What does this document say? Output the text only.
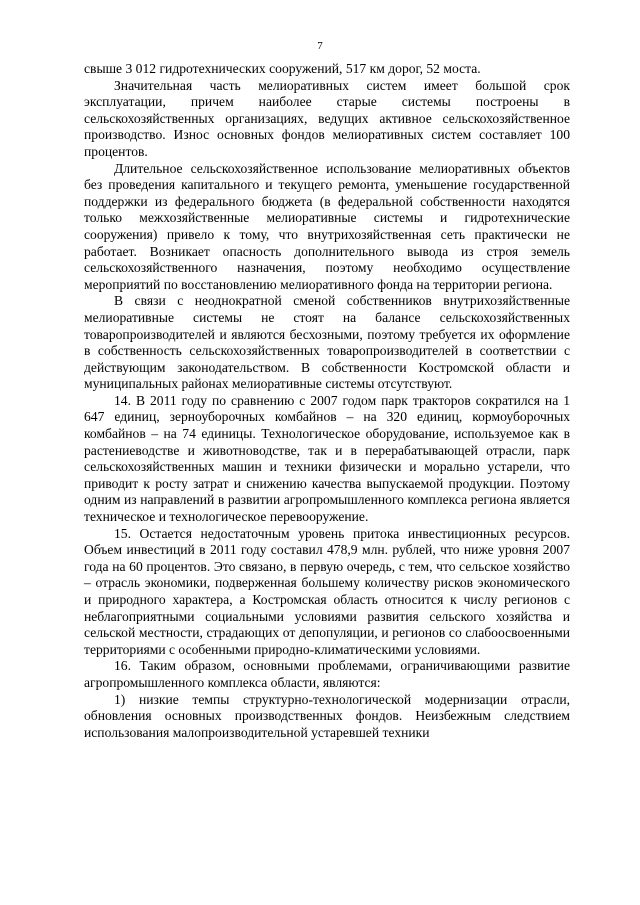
7

свыше 3 012 гидротехнических сооружений, 517 км дорог, 52 моста.

Значительная часть мелиоративных систем имеет большой срок эксплуатации, причем наиболее старые системы построены в сельскохозяйственных организациях, ведущих активное сельскохозяйственное производство. Износ основных фондов мелиоративных систем составляет 100 процентов.

Длительное сельскохозяйственное использование мелиоративных объектов без проведения капитального и текущего ремонта, уменьшение государственной поддержки из федерального бюджета (в федеральной собственности находятся только межхозяйственные мелиоративные системы и гидротехнические сооружения) привело к тому, что внутрихозяйственная сеть практически не работает. Возникает опасность дополнительного вывода из строя земель сельскохозяйственного назначения, поэтому необходимо осуществление мероприятий по восстановлению мелиоративного фонда на территории региона.

В связи с неоднократной сменой собственников внутрихозяйственные мелиоративные системы не стоят на балансе сельскохозяйственных товаропроизводителей и являются бесхозными, поэтому требуется их оформление в собственность сельскохозяйственных товаропроизводителей в соответствии с действующим законодательством. В собственности Костромской области и муниципальных районах мелиоративные системы отсутствуют.

14. В 2011 году по сравнению с 2007 годом парк тракторов сократился на 1 647 единиц, зерноуборочных комбайнов – на 320 единиц, кормоуборочных комбайнов – на 74 единицы. Технологическое оборудование, используемое как в растениеводстве и животноводстве, так и в перерабатывающей отрасли, парк сельскохозяйственных машин и техники физически и морально устарели, что приводит к росту затрат и снижению качества выпускаемой продукции. Поэтому одним из направлений в развитии агропромышленного комплекса региона является техническое и технологическое перевооружение.

15. Остается недостаточным уровень притока инвестиционных ресурсов. Объем инвестиций в 2011 году составил 478,9 млн. рублей, что ниже уровня 2007 года на 60 процентов. Это связано, в первую очередь, с тем, что сельское хозяйство – отрасль экономики, подверженная большему количеству рисков экономического и природного характера, а Костромская область относится к числу регионов с неблагоприятными социальными условиями развития сельского хозяйства и сельской местности, страдающих от депопуляции, и регионов со слабоосвоенными территориями с особенными природно-климатическими условиями.

16. Таким образом, основными проблемами, ограничивающими развитие агропромышленного комплекса области, являются:

1) низкие темпы структурно-технологической модернизации отрасли, обновления основных производственных фондов. Неизбежным следствием использования малопроизводительной устаревшей техники
